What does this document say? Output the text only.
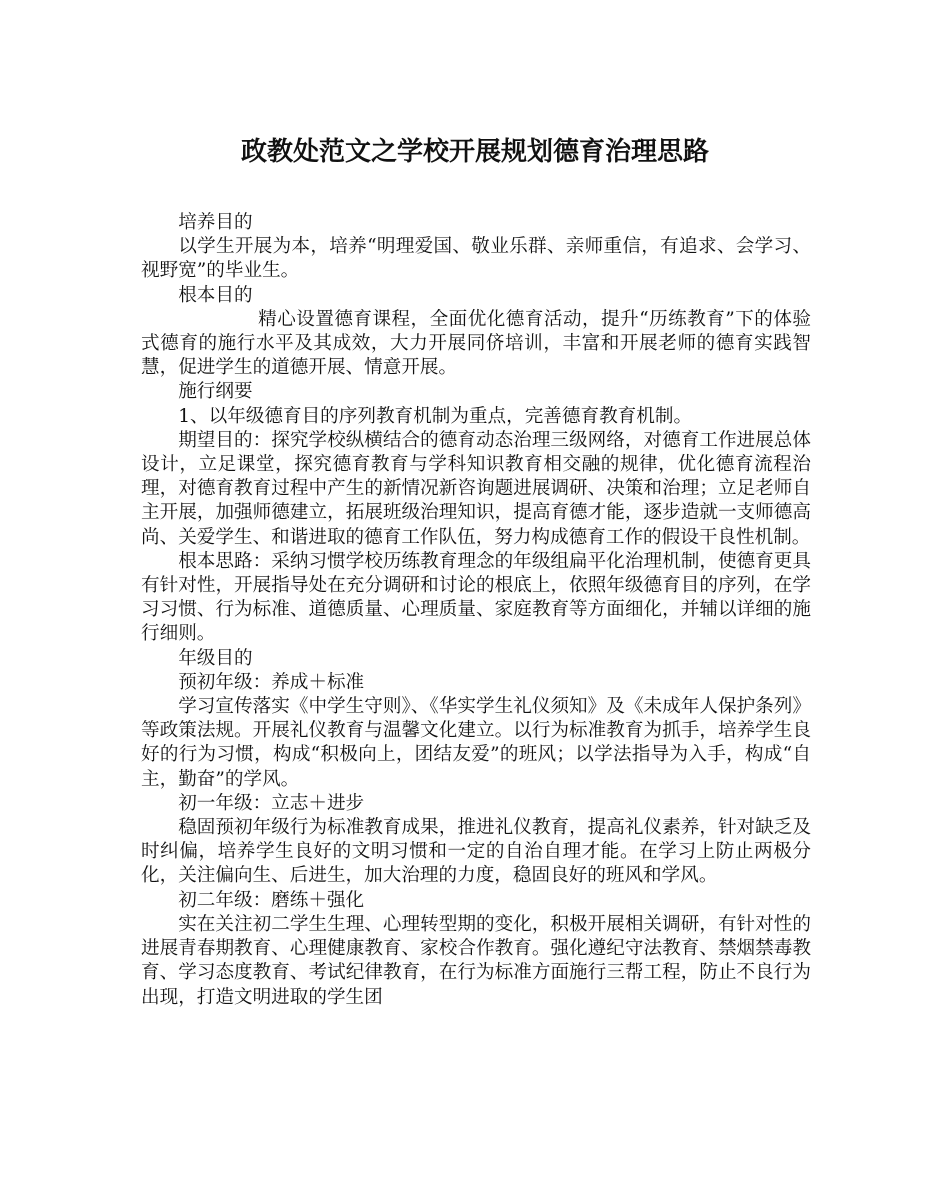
政教处范文之学校开展规划德育治理思路

培养目的

以学生开展为本，培养“明理爱国、敬业乐群、亲师重信，有追求、会学习、视野宽”的毕业生。

根本目的

精心设置德育课程，全面优化德育活动，提升“历练教育”下的体验式德育的施行水平及其成效，大力开展同侪培训，丰富和开展老师的德育实践智慧，促进学生的道德开展、情意开展。

施行纲要

1、以年级德育目的序列教育机制为重点，完善德育教育机制。

期望目的：探究学校纵横结合的德育动态治理三级网络，对德育工作进展总体设计，立足课堂，探究德育教育与学科知识教育相交融的规律，优化德育流程治理，对德育教育过程中产生的新情况新咨询题进展调研、决策和治理；立足老师自主开展，加强师德建立，拓展班级治理知识，提高育德才能，逐步造就一支师德高尚、关爱学生、和谐进取的德育工作队伍，努力构成德育工作的假设干良性机制。

根本思路：采纳习惯学校历练教育理念的年级组扁平化治理机制，使德育更具有针对性，开展指导处在充分调研和讨论的根底上，依照年级德育目的序列，在学习习惯、行为标准、道德质量、心理质量、家庭教育等方面细化，并辅以详细的施行细则。

年级目的

预初年级：养成＋标准

学习宣传落实《中学生守则》、《华实学生礼仪须知》及《未成年人保护条列》等政策法规。开展礼仪教育与温馨文化建立。以行为标准教育为抓手，培养学生良好的行为习惯，构成“积极向上，团结友爱”的班风；以学法指导为入手，构成“自主，勤奋”的学风。

初一年级：立志＋进步

稳固预初年级行为标准教育成果，推进礼仪教育，提高礼仪素养，针对缺乏及时纠偏，培养学生良好的文明习惯和一定的自治自理才能。在学习上防止两极分化，关注偏向生、后进生，加大治理的力度，稳固良好的班风和学风。

初二年级：磨练＋强化

实在关注初二学生生理、心理转型期的变化，积极开展相关调研，有针对性的进展青春期教育、心理健康教育、家校合作教育。强化遵纪守法教育、禁烟禁毒教育、学习态度教育、考试纪律教育，在行为标准方面施行三帮工程，防止不良行为出现，打造文明进取的学生团
